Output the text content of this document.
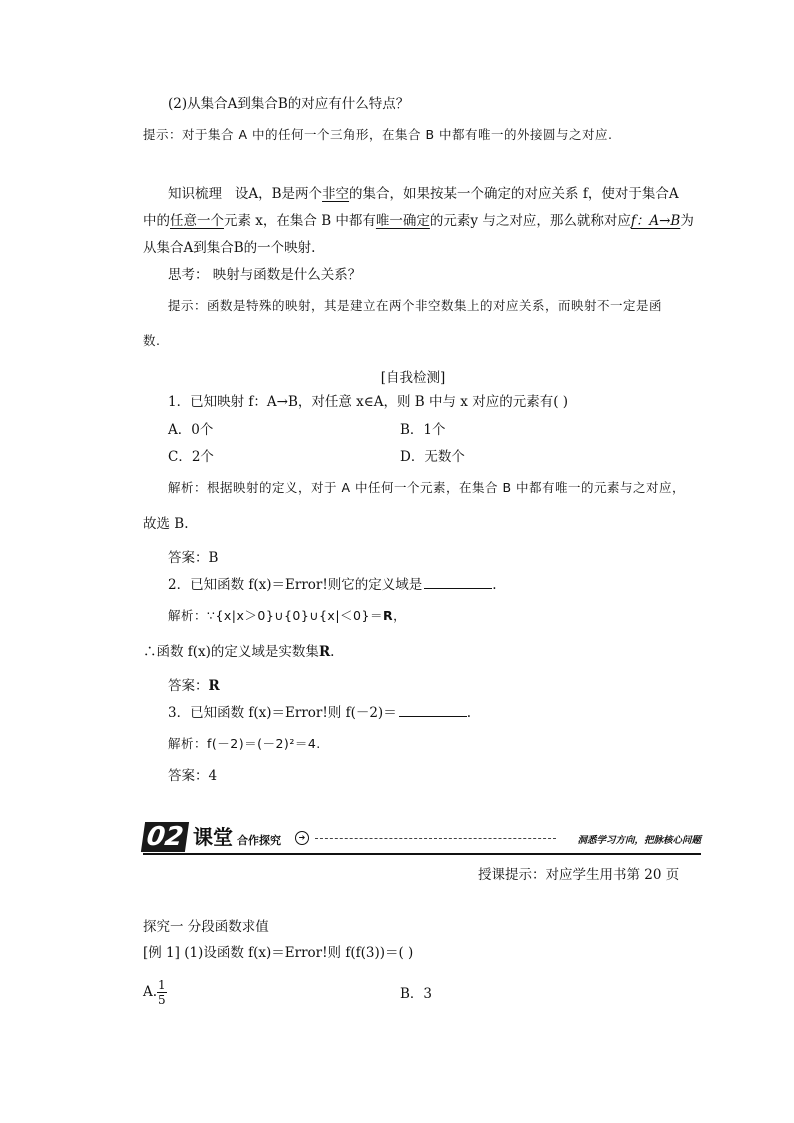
(2)从集合A到集合B的对应有什么特点？
提示：对于集合 A 中的任何一个三角形，在集合 B 中都有唯一的外接圆与之对应.
知识梳理 设A，B是两个非空的集合，如果按某一个确定的对应关系 f，使对于集合A
中的任意一个元素 x，在集合 B 中都有唯一确定的元素y 与之对应，那么就称对应f：A→B为
从集合A到集合B的一个映射.
思考： 映射与函数是什么关系？
提示：函数是特殊的映射，其是建立在两个非空数集上的对应关系，而映射不一定是函
数.
[自我检测]
1．已知映射 f：A→B，对任意 x∈A，则 B 中与 x 对应的元素有( )
A．0个	B．1个
C．2个	D．无数个
解析：根据映射的定义，对于 A 中任何一个元素，在集合 B 中都有唯一的元素与之对应，
故选 B.
答案：B
2．已知函数 f(x)＝Error!则它的定义域是	.
解析：∵{x|x＞0}∪{0}∪{x|＜0}＝R，
∴函数 f(x)的定义域是实数集R.
答案：R
3．已知函数 f(x)＝Error!则 f(－2)＝	.
解析：f(－2)＝(－2)²＝4.
答案：4
02 课堂 合作探究	➔	洞悉学习方向，把脉核心问题
授课提示：对应学生用书第 20 页
探究一 分段函数求值
[例 1] (1)设函数 f(x)＝Error!则 f(f(3))＝( )
A. $\frac{1}{5}$	B．3
